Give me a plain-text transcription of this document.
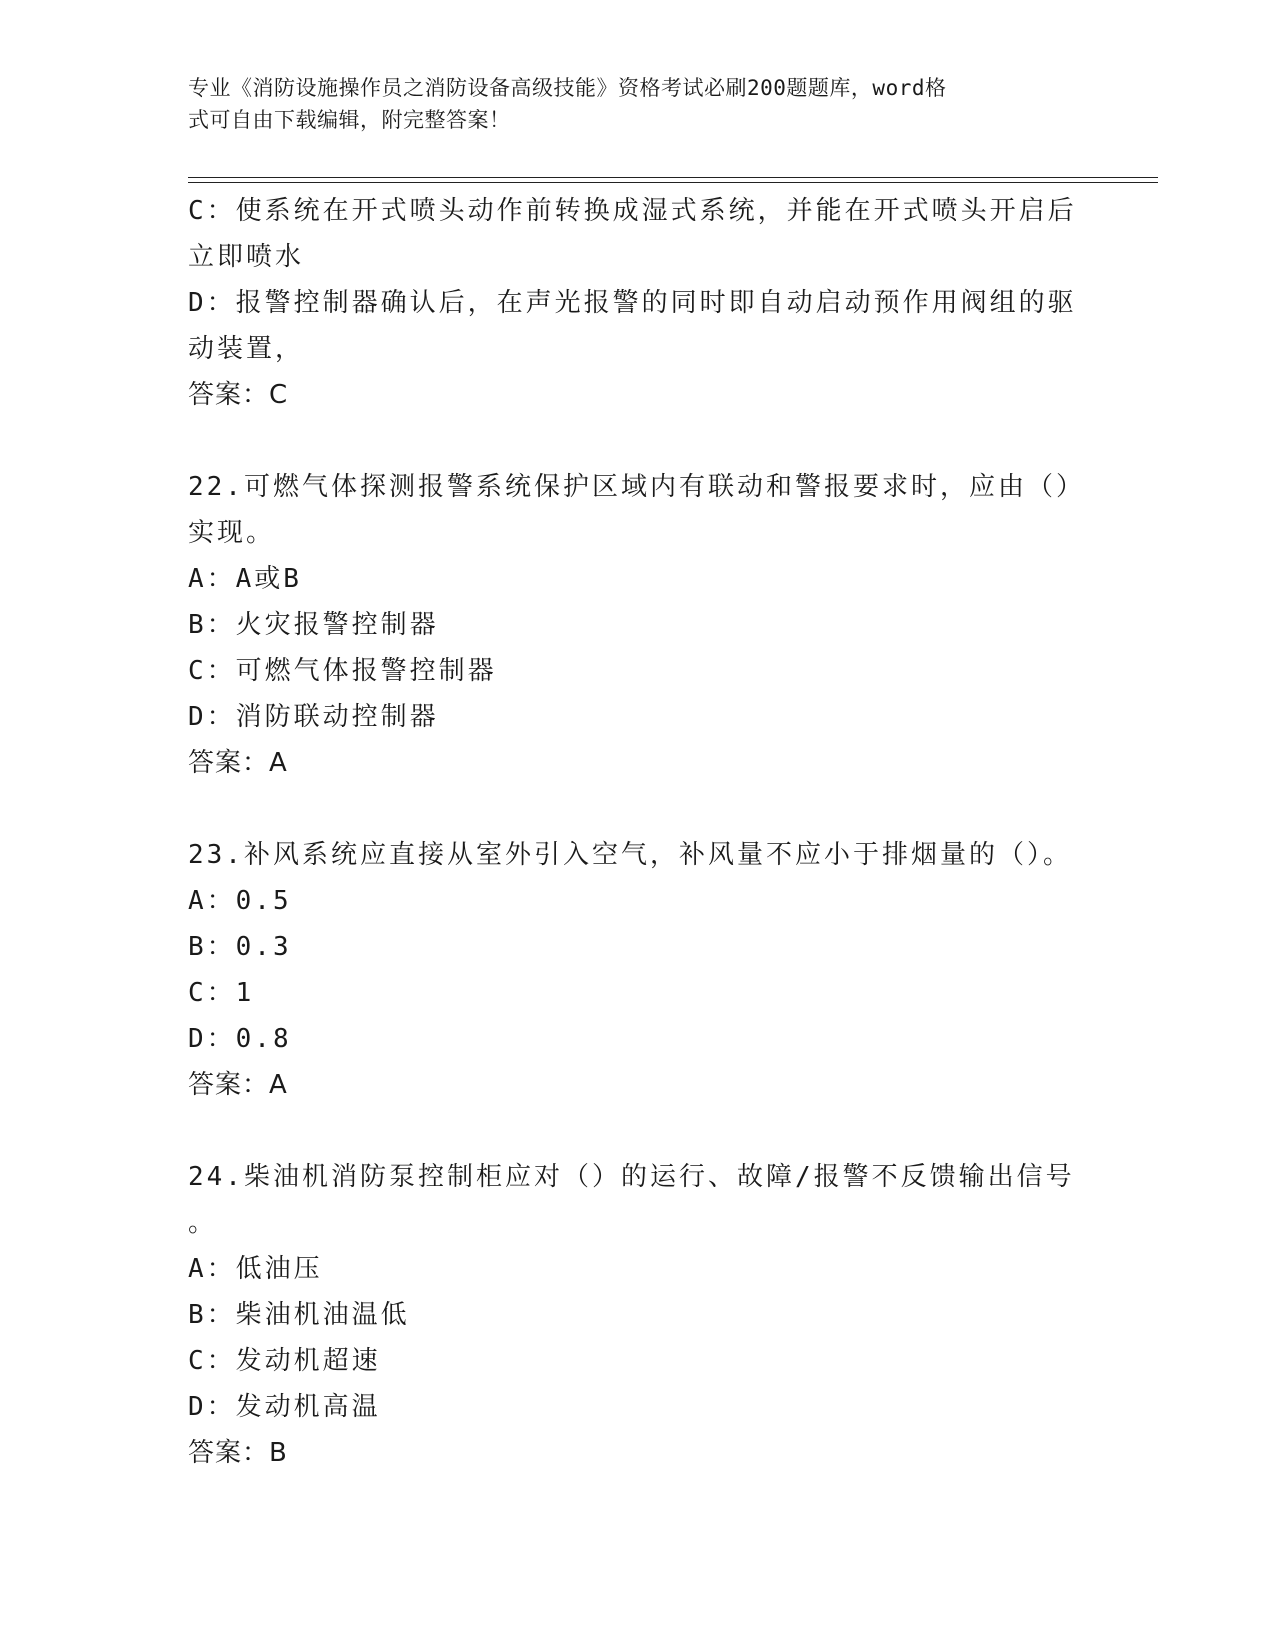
专业《消防设施操作员之消防设备高级技能》资格考试必刷200题题库，word格
式可自由下载编辑，附完整答案！
C：使系统在开式喷头动作前转换成湿式系统，并能在开式喷头开启后
立即喷水
D：报警控制器确认后，在声光报警的同时即自动启动预作用阀组的驱
动装置，
答案：C
22.可燃气体探测报警系统保护区域内有联动和警报要求时，应由（）
实现。
A：A或B
B：火灾报警控制器
C：可燃气体报警控制器
D：消防联动控制器
答案：A
23.补风系统应直接从室外引入空气，补风量不应小于排烟量的（）。
A：0.5
B：0.3
C：1
D：0.8
答案：A
24.柴油机消防泵控制柜应对（）的运行、故障/报警不反馈输出信号
。
A：低油压
B：柴油机油温低
C：发动机超速
D：发动机高温
答案：B
